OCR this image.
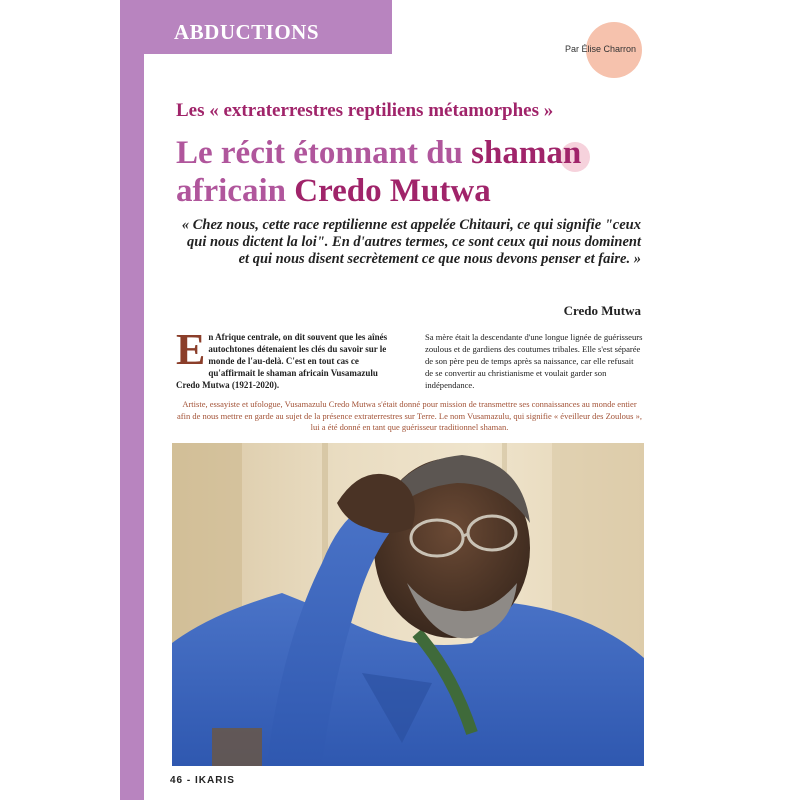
ABDUCTIONS
Par Élise Charron
Les « extraterrestres reptiliens métamorphes »
Le récit étonnant du shaman
africain Credo Mutwa
« Chez nous, cette race reptilienne est appelée Chitauri, ce qui signifie "ceux qui nous dictent la loi". En d'autres termes, ce sont ceux qui nous dominent et qui nous disent secrètement ce que nous devons penser et faire. »
Credo Mutwa
En Afrique centrale, on dit souvent que les aînés autochtones détenaient les clés du savoir sur le monde de l'au-delà. C'est en tout cas ce qu'affirmait le shaman africain Vusamazulu Credo Mutwa (1921-2020).
Sa mère était la descendante d'une longue lignée de guérisseurs zoulous et de gardiens des coutumes tribales. Elle s'est séparée de son père peu de temps après sa naissance, car elle refusait de se convertir au christianisme et voulait garder son indépendance.
Artiste, essayiste et ufologue, Vusamazulu Credo Mutwa s'était donné pour mission de transmettre ses connaissances au monde entier afin de nous mettre en garde au sujet de la présence extraterrestres sur Terre. Le nom Vusamazulu, qui signifie « éveilleur des Zoulous », lui a été donné en tant que guérisseur traditionnel shaman.
46 - IKARIS
